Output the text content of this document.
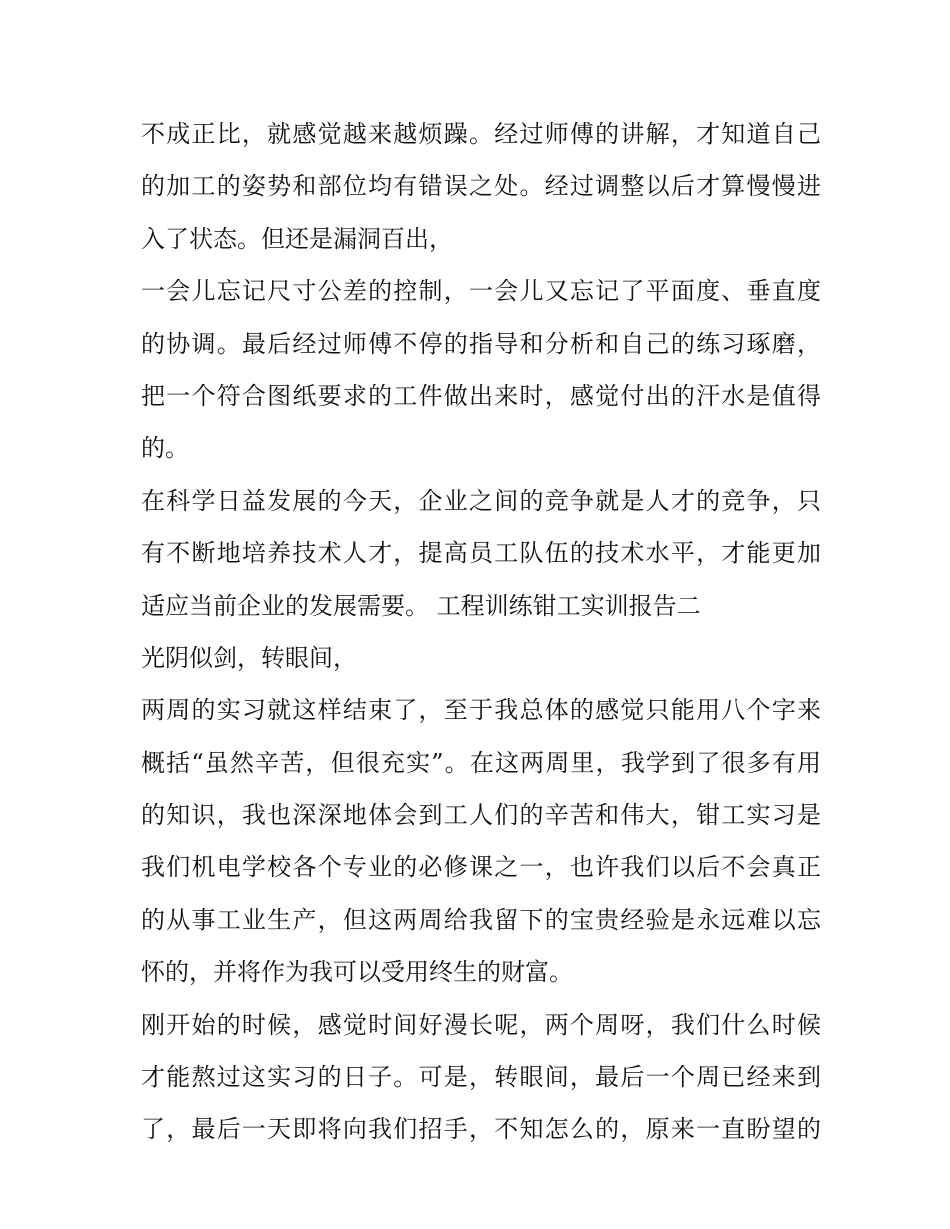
不成正比，就感觉越来越烦躁。经过师傅的讲解，才知道自己
的加工的姿势和部位均有错误之处。经过调整以后才算慢慢进
入了状态。但还是漏洞百出，
一会儿忘记尺寸公差的控制，一会儿又忘记了平面度、垂直度
的协调。最后经过师傅不停的指导和分析和自己的练习琢磨，
把一个符合图纸要求的工件做出来时，感觉付出的汗水是值得
的。
在科学日益发展的今天，企业之间的竞争就是人才的竞争，只
有不断地培养技术人才，提高员工队伍的技术水平，才能更加
适应当前企业的发展需要。 工程训练钳工实训报告二
光阴似剑，转眼间，
两周的实习就这样结束了，至于我总体的感觉只能用八个字来
概括“虽然辛苦，但很充实”。在这两周里，我学到了很多有用
的知识，我也深深地体会到工人们的辛苦和伟大，钳工实习是
我们机电学校各个专业的必修课之一，也许我们以后不会真正
的从事工业生产，但这两周给我留下的宝贵经验是永远难以忘
怀的，并将作为我可以受用终生的财富。
刚开始的时候，感觉时间好漫长呢，两个周呀，我们什么时候
才能熬过这实习的日子。可是，转眼间，最后一个周已经来到
了，最后一天即将向我们招手，不知怎么的，原来一直盼望的
